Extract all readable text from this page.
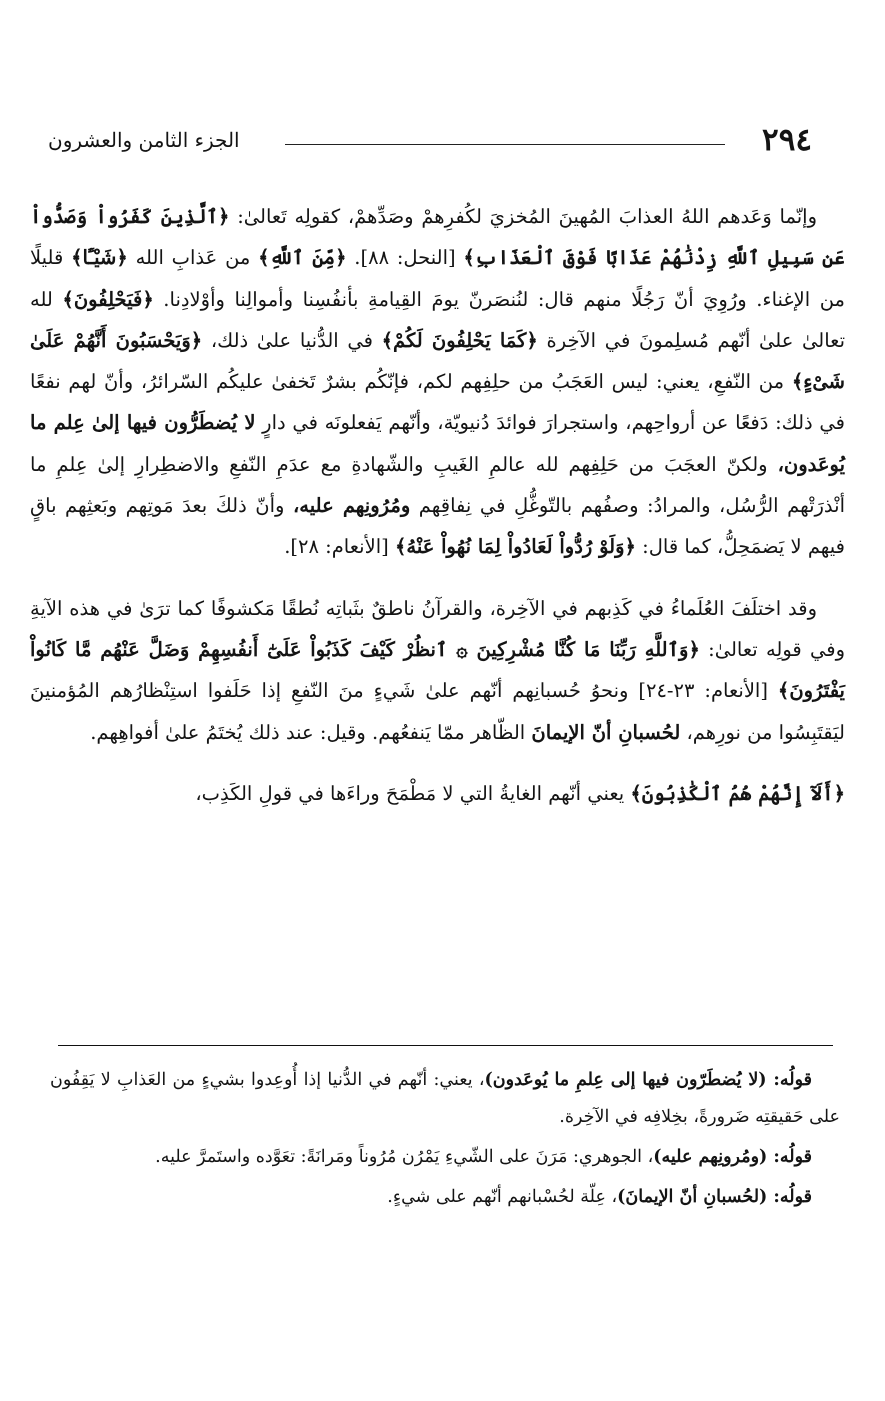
٢٩٤
الجزء الثامن والعشرون

وإنّما وَعَدهم اللهُ العذابَ المُهينَ المُخزيَ لكُفرِهمْ وصَدِّهمْ، كقولِه تَعالىٰ: ﴿ٱلَّذِينَ كَفَرُواْ وَصَدُّواْ عَن سَبِيلِ ٱللَّهِ زِدْنَٰهُمْ عَذَابًا فَوْقَ ٱلْعَذَابِ﴾ [النحل: ٨٨]. ﴿مِّنَ ٱللَّهِ﴾ من عَذابِ الله ﴿شَيْـًٔا﴾ قليلًا من الإغناء. ورُوِيَ أنّ رَجُلًا منهم قال: لنُنصَرنّ يومَ القِيامةِ بأنفُسِنا وأموالِنا وأوْلادِنا. ﴿فَيَحْلِفُونَ﴾ لله تعالىٰ علىٰ أنّهم مُسلِمونَ في الآخِرة ﴿كَمَا يَحْلِفُونَ لَكُمْ﴾ في الدُّنيا علىٰ ذلك، ﴿وَيَحْسَبُونَ أَنَّهُمْ عَلَىٰ شَىْءٍ﴾ من النّفعِ، يعني: ليس العَجَبُ من حلِفِهم لكم، فإنّكُم بشرٌ تَخفىٰ عليكُم السّرائرُ، وأنّ لهم نفعًا في ذلك: دَفعًا عن أرواحِهم، واستجرارَ فوائدَ دُنيويّة، وأنّهم يَفعلونَه في دارٍ لا يُضطَرُّون فيها إلىٰ عِلم ما يُوعَدون، ولكنّ العجَبَ من حَلِفِهم لله عالمِ الغَيبِ والشّهادةِ مع عدَمِ النّفعِ والاضطِرارِ إلىٰ عِلمِ ما أنْذرَتْهم الرُّسُل، والمرادُ: وصفُهم بالتّوغُّلِ في نِفاقِهم ومُرُونِهم عليه، وأنّ ذلكَ بعدَ مَوتِهم وبَعثِهم باقٍ فيهم لا يَضمَحِلُّ، كما قال: ﴿وَلَوْ رُدُّواْ لَعَادُواْ لِمَا نُهُواْ عَنْهُ﴾ [الأنعام: ٢٨].

وقد اختلَفَ العُلَماءُ في كَذِبهم في الآخِرة، والقرآنُ ناطقٌ بثَباتِه نُطقًا مَكشوفًا كما ترَىٰ في هذه الآيةِ وفي قولِه تعالىٰ: ﴿وَٱللَّهِ رَبِّنَا مَا كُنَّا مُشْرِكِينَ ۞ ٱنظُرْ كَيْفَ كَذَبُواْ عَلَىٰٓ أَنفُسِهِمْ وَضَلَّ عَنْهُم مَّا كَانُواْ يَفْتَرُونَ﴾ [الأنعام: ٢٣-٢٤] ونحوُ حُسبانِهم أنّهم علىٰ شَيءٍ منَ النّفعِ إذا حَلَفوا استِنْظارُهم المُؤمنينَ ليَقتَبِسُوا من نورِهم، لحُسبانِ أنّ الإيمانَ الظّاهر ممّا يَنفعُهم. وقيل: عند ذلك يُختَمُ علىٰ أفواهِهم.

﴿أَلَآ إِنَّهُمْ هُمُ ٱلْكَٰذِبُونَ﴾ يعني أنّهم الغايةُ التي لا مَطْمَحَ وراءَها في قولِ الكَذِب،

قولُه: (لا يُضطَرّون فيها إلى عِلمِ ما يُوعَدون)، يعني: أنّهم في الدُّنيا إذا أُوعِدوا بشيءٍ من العَذابِ لا يَقِفُون على حَقيقتِه ضَرورةً، بخِلافِه في الآخِرة.

قولُه: (ومُرونِهم عليه)، الجوهري: مَرَنَ على الشّيءِ يَمْرُن مُرُوناً ومَرانَةً: تعَوَّده واستَمرَّ عليه.

قولُه: (لحُسبانِ أنّ الإيمانَ)، عِلّة لحُسْبانهم أنّهم على شيءٍ.
